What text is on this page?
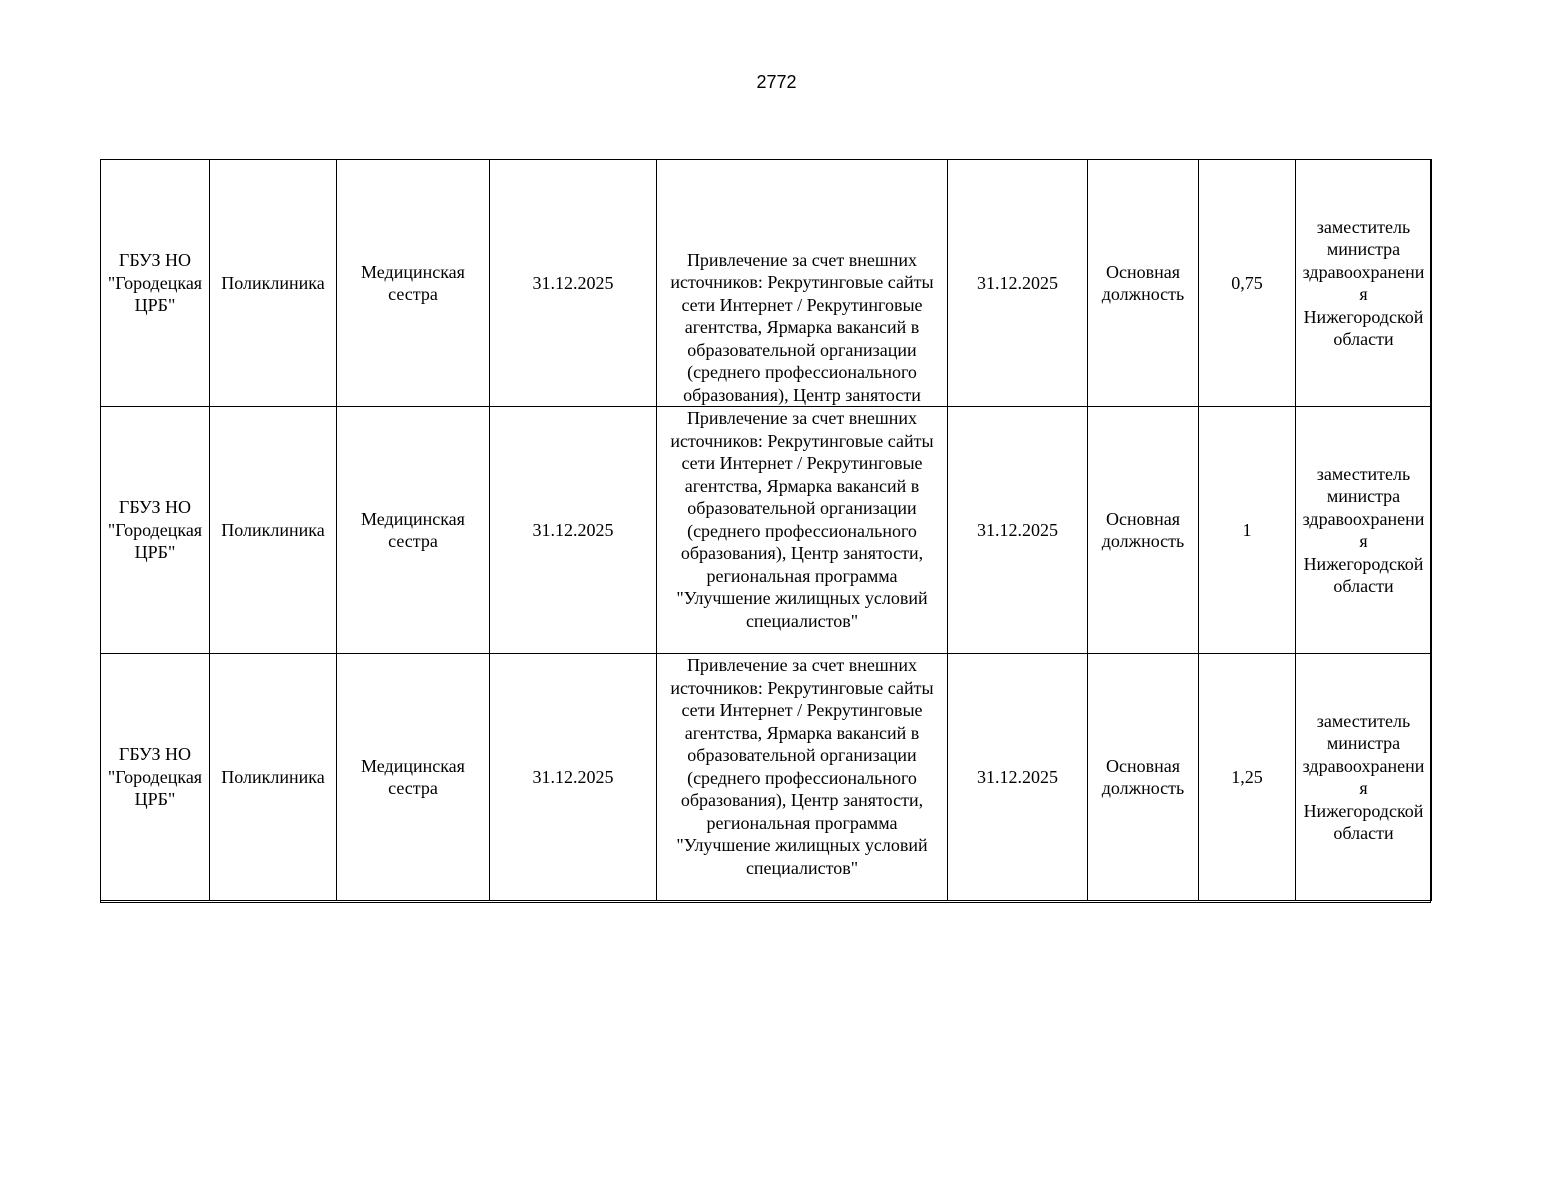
2772
ГБУЗ НО "Городецкая ЦРБ"	Поликлиника	Медицинская сестра	31.12.2025	Привлечение за счет внешних источников: Рекрутинговые сайты сети Интернет / Рекрутинговые агентства, Ярмарка вакансий в образовательной организации (среднего профессионального образования), Центр занятости	31.12.2025	Основная должность	0,75	заместитель министра здравоохранения Нижегородской области
ГБУЗ НО "Городецкая ЦРБ"	Поликлиника	Медицинская сестра	31.12.2025	Привлечение за счет внешних источников: Рекрутинговые сайты сети Интернет / Рекрутинговые агентства, Ярмарка вакансий в образовательной организации (среднего профессионального образования), Центр занятости, региональная программа "Улучшение жилищных условий специалистов"	31.12.2025	Основная должность	1	заместитель министра здравоохранения Нижегородской области
ГБУЗ НО "Городецкая ЦРБ"	Поликлиника	Медицинская сестра	31.12.2025	Привлечение за счет внешних источников: Рекрутинговые сайты сети Интернет / Рекрутинговые агентства, Ярмарка вакансий в образовательной организации (среднего профессионального образования), Центр занятости, региональная программа "Улучшение жилищных условий специалистов"	31.12.2025	Основная должность	1,25	заместитель министра здравоохранения Нижегородской области
